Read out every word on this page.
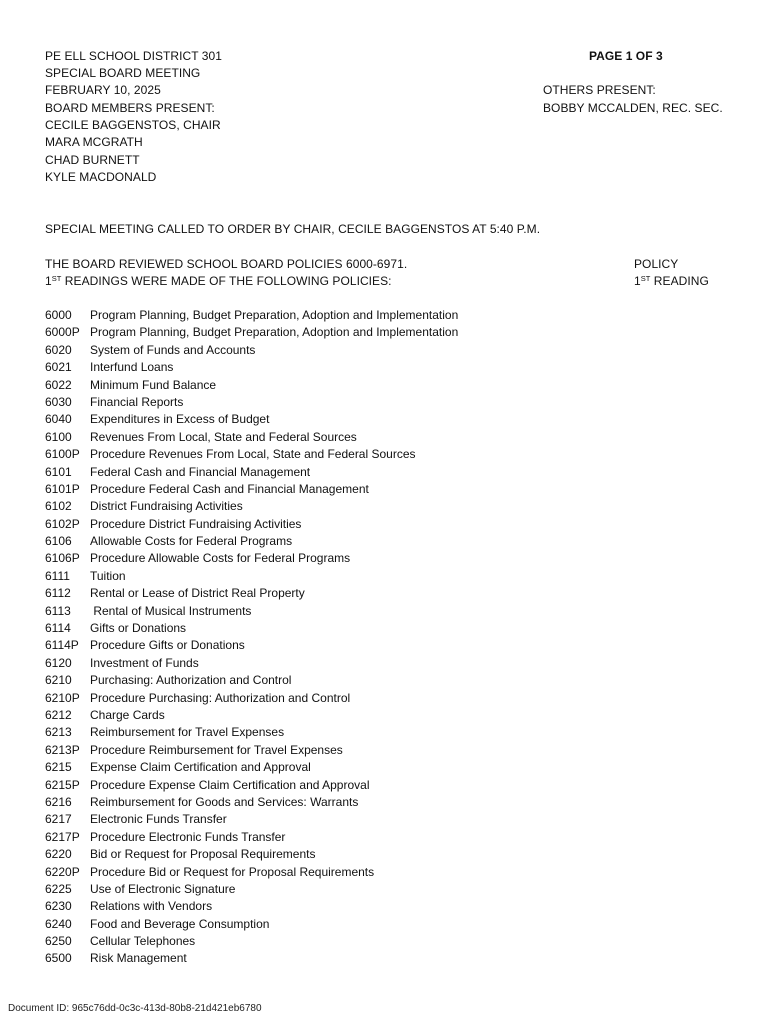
PE ELL SCHOOL DISTRICT 301
SPECIAL BOARD MEETING
FEBRUARY 10, 2025
BOARD MEMBERS PRESENT:
CECILE BAGGENSTOS, CHAIR
MARA MCGRATH
CHAD BURNETT
KYLE MACDONALD
PAGE 1 OF 3
OTHERS PRESENT:
BOBBY MCCALDEN, REC. SEC.
SPECIAL MEETING CALLED TO ORDER BY CHAIR, CECILE BAGGENSTOS AT 5:40 P.M.
THE BOARD REVIEWED SCHOOL BOARD POLICIES 6000-6971.
1ST READINGS WERE MADE OF THE FOLLOWING POLICIES:
POLICY
1ST READING
6000 Program Planning, Budget Preparation, Adoption and Implementation
6000P Program Planning, Budget Preparation, Adoption and Implementation
6020 System of Funds and Accounts
6021 Interfund Loans
6022 Minimum Fund Balance
6030 Financial Reports
6040 Expenditures in Excess of Budget
6100 Revenues From Local, State and Federal Sources
6100P Procedure Revenues From Local, State and Federal Sources
6101 Federal Cash and Financial Management
6101P Procedure Federal Cash and Financial Management
6102 District Fundraising Activities
6102P Procedure District Fundraising Activities
6106 Allowable Costs for Federal Programs
6106P Procedure Allowable Costs for Federal Programs
6111 Tuition
6112 Rental or Lease of District Real Property
6113 Rental of Musical Instruments
6114 Gifts or Donations
6114P Procedure Gifts or Donations
6120 Investment of Funds
6210 Purchasing: Authorization and Control
6210P Procedure Purchasing: Authorization and Control
6212 Charge Cards
6213 Reimbursement for Travel Expenses
6213P Procedure Reimbursement for Travel Expenses
6215 Expense Claim Certification and Approval
6215P Procedure Expense Claim Certification and Approval
6216 Reimbursement for Goods and Services: Warrants
6217 Electronic Funds Transfer
6217P Procedure Electronic Funds Transfer
6220 Bid or Request for Proposal Requirements
6220P Procedure Bid or Request for Proposal Requirements
6225 Use of Electronic Signature
6230 Relations with Vendors
6240 Food and Beverage Consumption
6250 Cellular Telephones
6500 Risk Management
Document ID: 965c76dd-0c3c-413d-80b8-21d421eb6780
